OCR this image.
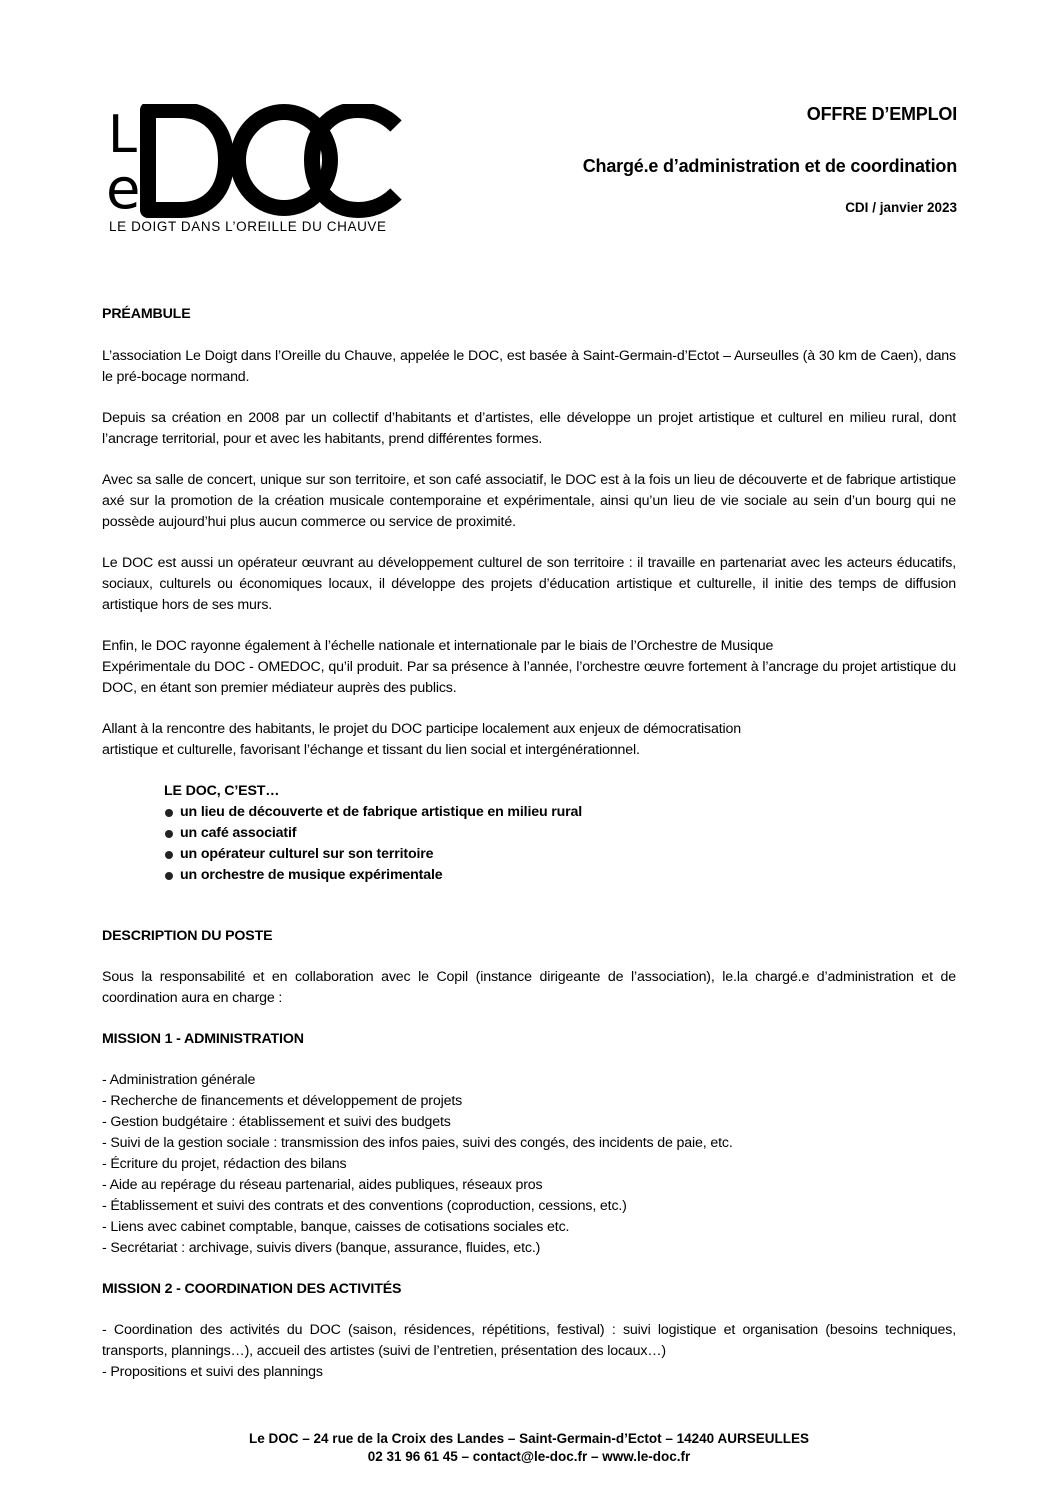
L
e
LE DOIGT DANS L’OREILLE DU CHAUVE
OFFRE D’EMPLOI
Chargé.e d’administration et de coordination
CDI / janvier 2023

PRÉAMBULE

L’association Le Doigt dans l’Oreille du Chauve, appelée le DOC, est basée à Saint-Germain-d’Ectot – Aurseulles (à 30 km de Caen), dans le pré-bocage normand.

Depuis sa création en 2008 par un collectif d’habitants et d’artistes, elle développe un projet artistique et culturel en milieu rural, dont l’ancrage territorial, pour et avec les habitants, prend différentes formes.

Avec sa salle de concert, unique sur son territoire, et son café associatif, le DOC est à la fois un lieu de découverte et de fabrique artistique axé sur la promotion de la création musicale contemporaine et expérimentale, ainsi qu’un lieu de vie sociale au sein d’un bourg qui ne possède aujourd’hui plus aucun commerce ou service de proximité.

Le DOC est aussi un opérateur œuvrant au développement culturel de son territoire : il travaille en partenariat avec les acteurs éducatifs, sociaux, culturels ou économiques locaux, il développe des projets d’éducation artistique et culturelle, il initie des temps de diffusion artistique hors de ses murs.

Enfin, le DOC rayonne également à l’échelle nationale et internationale par le biais de l’Orchestre de Musique

Expérimentale du DOC - OMEDOC, qu’il produit. Par sa présence à l’année, l’orchestre œuvre fortement à l’ancrage du projet artistique du DOC, en étant son premier médiateur auprès des publics.

Allant à la rencontre des habitants, le projet du DOC participe localement aux enjeux de démocratisation

artistique et culturelle, favorisant l’échange et tissant du lien social et intergénérationnel.

LE DOC, C’EST…
un lieu de découverte et de fabrique artistique en milieu rural
un café associatif
un opérateur culturel sur son territoire
un orchestre de musique expérimentale

DESCRIPTION DU POSTE

Sous la responsabilité et en collaboration avec le Copil (instance dirigeante de l’association), le.la chargé.e d’administration et de coordination aura en charge :

MISSION 1 - ADMINISTRATION

- Administration générale
- Recherche de financements et développement de projets
- Gestion budgétaire : établissement et suivi des budgets
- Suivi de la gestion sociale : transmission des infos paies, suivi des congés, des incidents de paie, etc.
- Écriture du projet, rédaction des bilans
- Aide au repérage du réseau partenarial, aides publiques, réseaux pros
- Établissement et suivi des contrats et des conventions (coproduction, cessions, etc.)
- Liens avec cabinet comptable, banque, caisses de cotisations sociales etc.
- Secrétariat : archivage, suivis divers (banque, assurance, fluides, etc.)

MISSION 2 - COORDINATION DES ACTIVITÉS

- Coordination des activités du DOC (saison, résidences, répétitions, festival) : suivi logistique et organisation (besoins techniques, transports, plannings…), accueil des artistes (suivi de l’entretien, présentation des locaux…)
- Propositions et suivi des plannings
Le DOC – 24 rue de la Croix des Landes – Saint-Germain-d’Ectot – 14240 AURSEULLES
02 31 96 61 45 – contact@le-doc.fr – www.le-doc.fr
